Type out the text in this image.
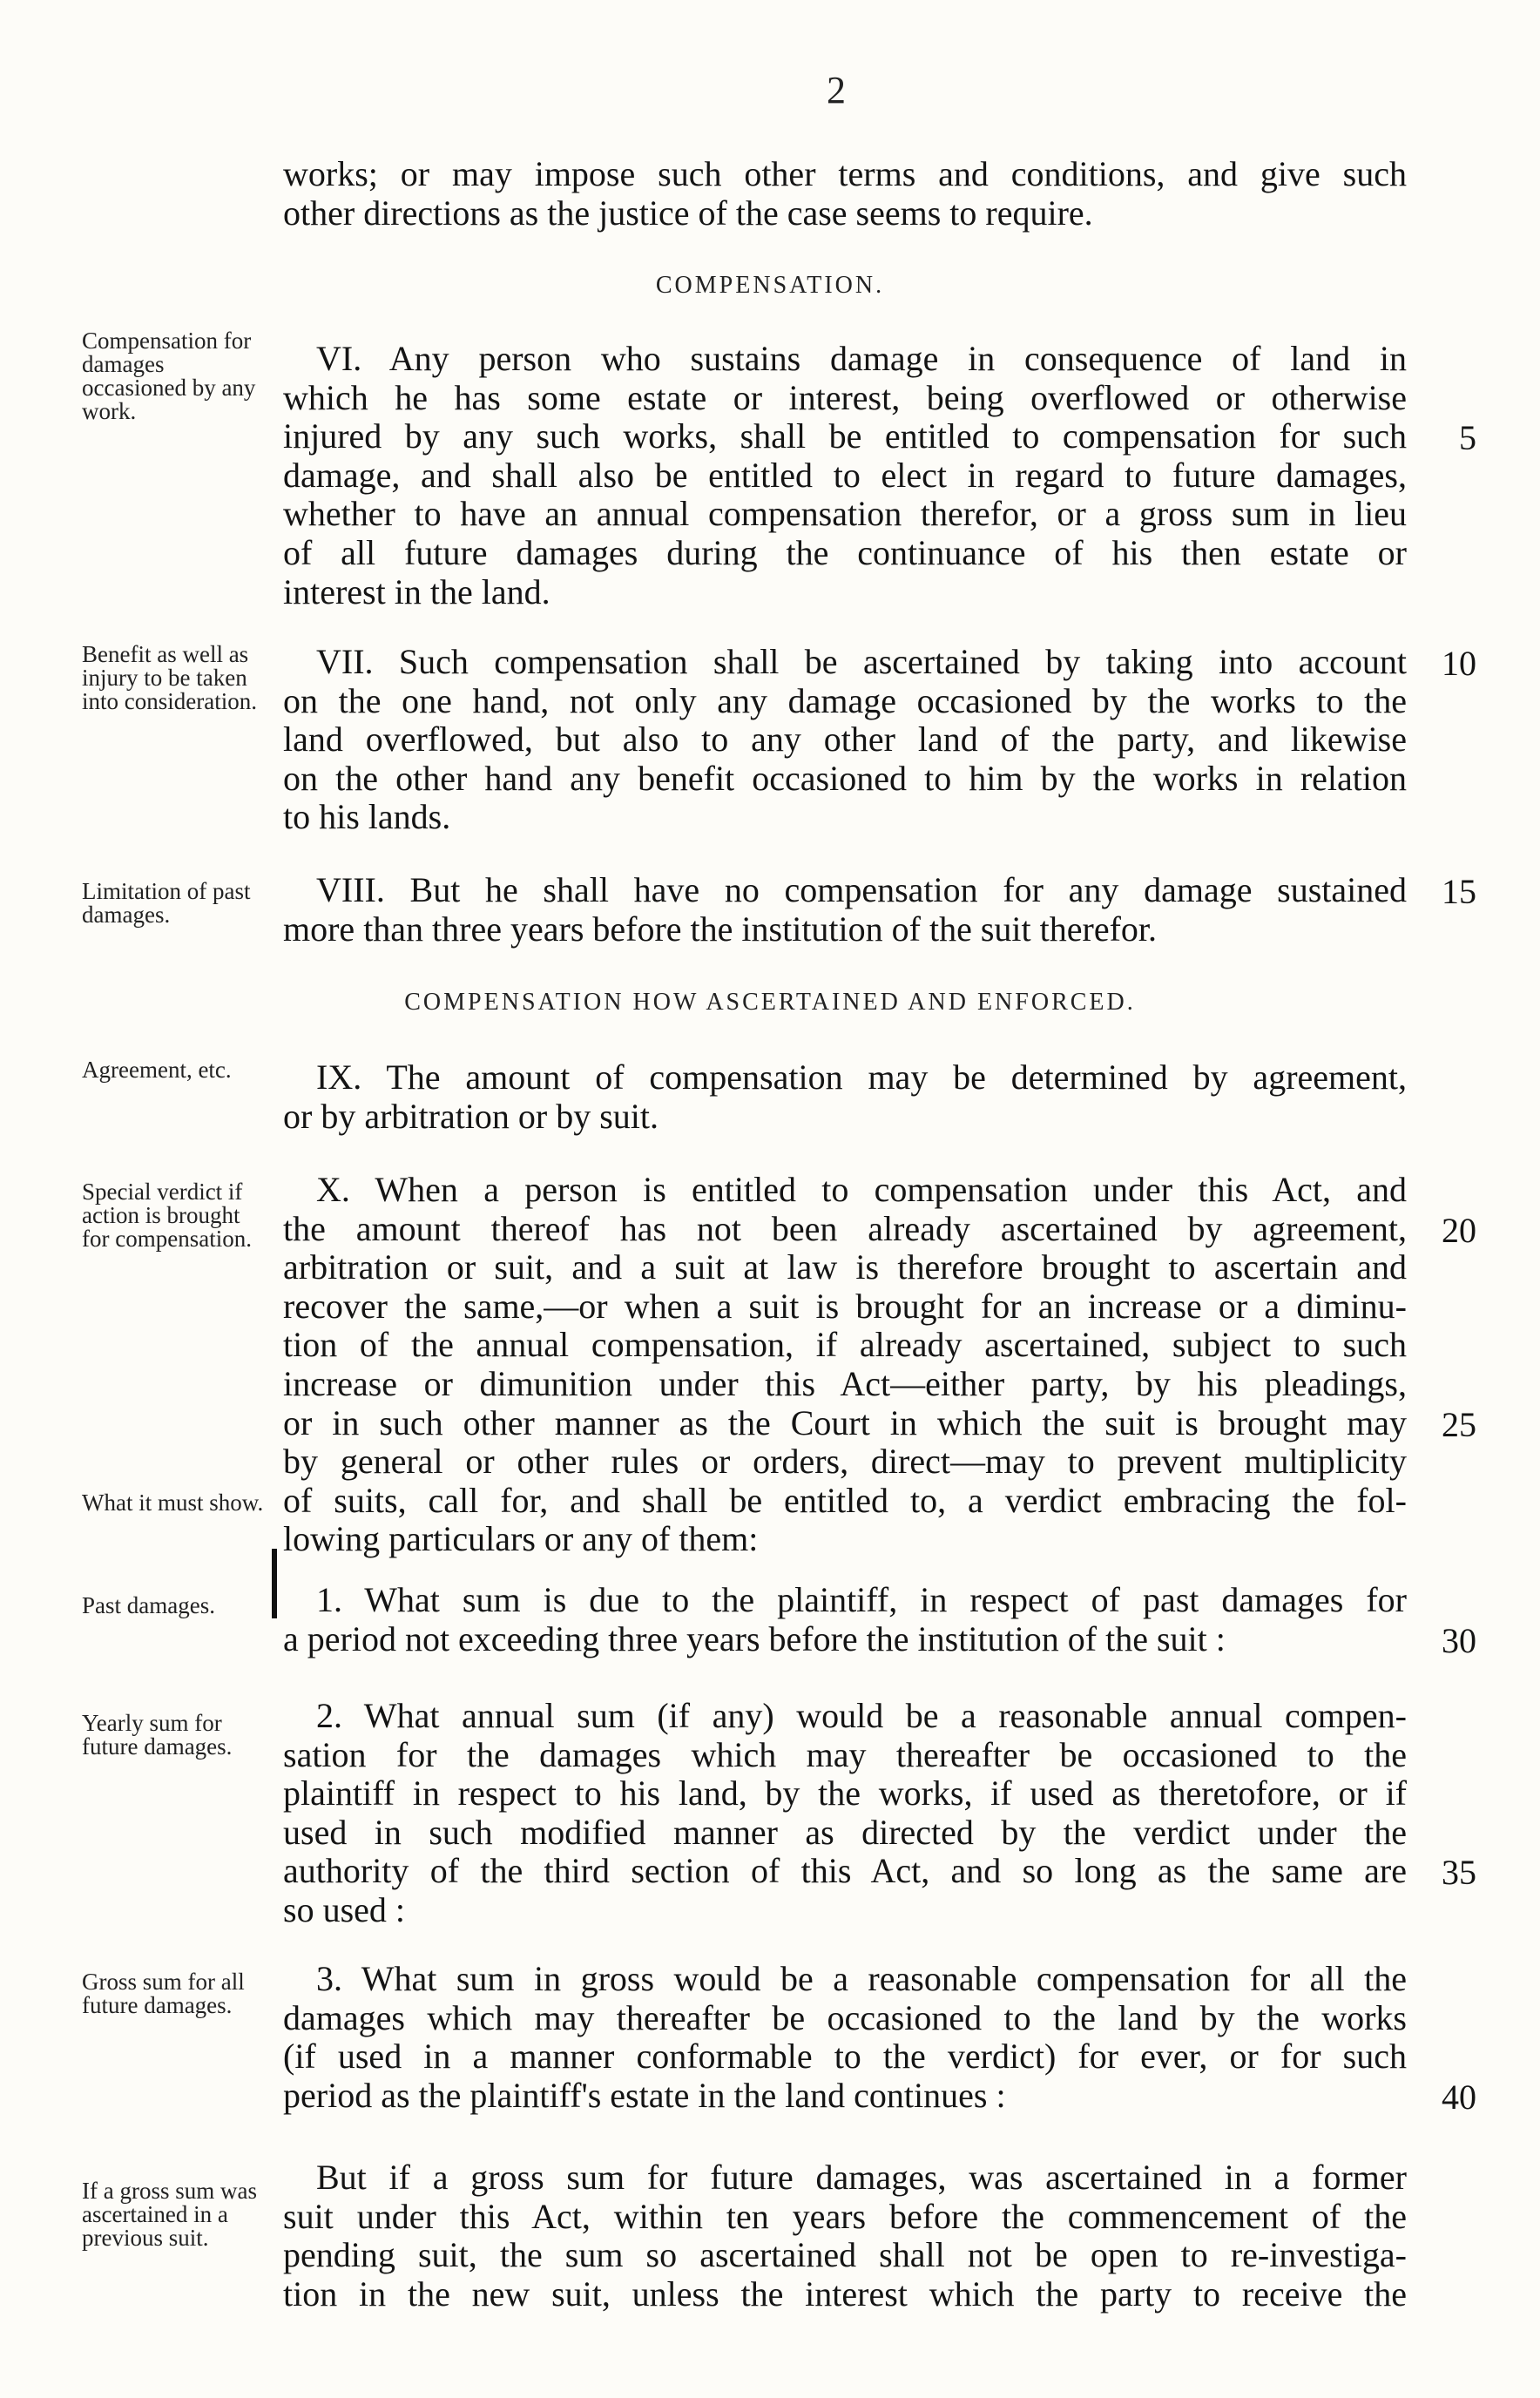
2
works; or may impose such other terms and conditions, and give such
other directions as the justice of the case seems to require.
COMPENSATION.
Compensation for damages occasioned by any work.
VI. Any person who sustains damage in consequence of land in
which he has some estate or interest, being overflowed or otherwise
injured by any such works, shall be entitled to compensation for such
damage, and shall also be entitled to elect in regard to future damages,
whether to have an annual compensation therefor, or a gross sum in lieu
of all future damages during the continuance of his then estate or
interest in the land.
Benefit as well as injury to be taken into consideration.
VII. Such compensation shall be ascertained by taking into account
on the one hand, not only any damage occasioned by the works to the
land overflowed, but also to any other land of the party, and likewise
on the other hand any benefit occasioned to him by the works in relation
to his lands.
Limitation of past damages.
VIII. But he shall have no compensation for any damage sustained
more than three years before the institution of the suit therefor.
COMPENSATION HOW ASCERTAINED AND ENFORCED.
Agreement, etc.	IX. The amount of compensation may be determined by agreement,
or by arbitration or by suit.
Special verdict if action is brought for compensation.
What it must show.
X. When a person is entitled to compensation under this Act, and
the amount thereof has not been already ascertained by agreement,
arbitration or suit, and a suit at law is therefore brought to ascertain and
recover the same,—or when a suit is brought for an increase or a diminu-
tion of the annual compensation, if already ascertained, subject to such
increase or dimunition under this Act—either party, by his pleadings,
or in such other manner as the Court in which the suit is brought may
by general or other rules or orders, direct—may to prevent multiplicity
of suits, call for, and shall be entitled to, a verdict embracing the fol-
lowing particulars or any of them:
Past damages.	1. What sum is due to the plaintiff, in respect of past damages for
a period not exceeding three years before the institution of the suit :
Yearly sum for future damages.
2. What annual sum (if any) would be a reasonable annual compen-
sation for the damages which may thereafter be occasioned to the
plaintiff in respect to his land, by the works, if used as theretofore, or if
used in such modified manner as directed by the verdict under the
authority of the third section of this Act, and so long as the same are
so used :
Gross sum for all future damages.
3. What sum in gross would be a reasonable compensation for all the
damages which may thereafter be occasioned to the land by the works
(if used in a manner conformable to the verdict) for ever, or for such
period as the plaintiff's estate in the land continues :
If a gross sum was ascertained in a previous suit.
But if a gross sum for future damages, was ascertained in a former
suit under this Act, within ten years before the commencement of the
pending suit, the sum so ascertained shall not be open to re-investiga-
tion in the new suit, unless the interest which the party to receive the
5
10
15
20
25
30
35
40
